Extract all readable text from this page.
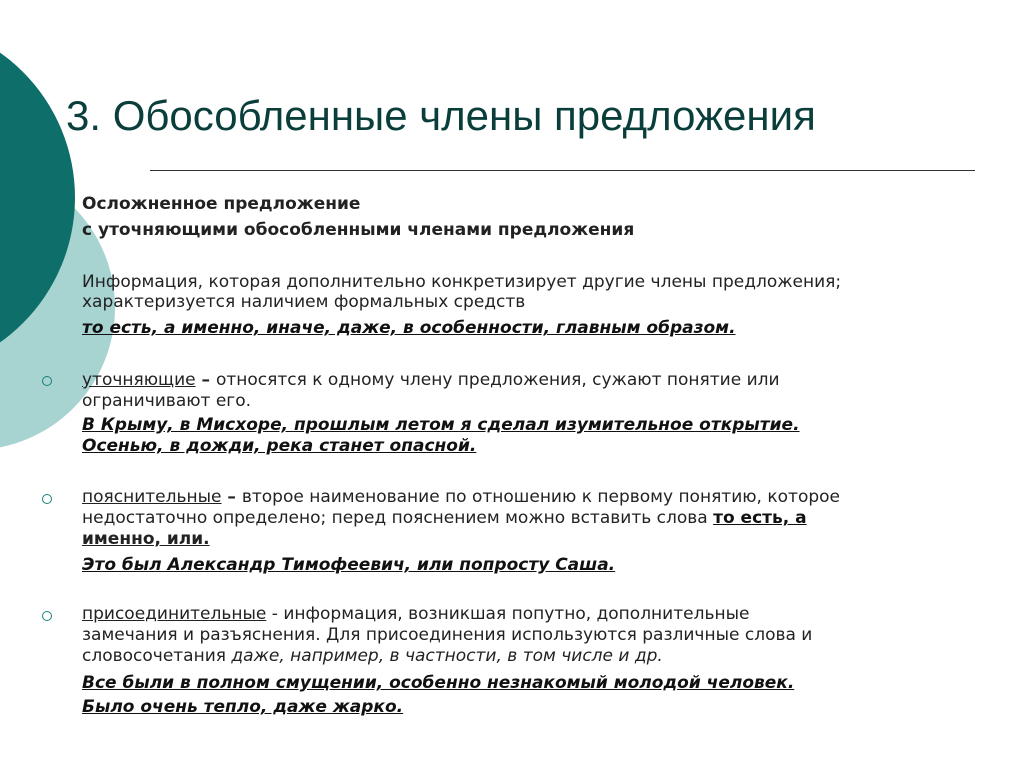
3. Обособленные члены предложения

Осложненное предложение

с уточняющими обособленными членами предложения

Информация, которая дополнительно конкретизирует другие члены предложения;

характеризуется наличием формальных средств

то есть, а именно, иначе, даже, в особенности, главным образом.

уточняющие – относятся к одному члену предложения, сужают понятие или

ограничивают его.

В Крыму, в Мисхоре, прошлым летом я сделал изумительное открытие.

Осенью, в дожди, река станет опасной.

пояснительные – второе наименование по отношению к первому понятию, которое

недостаточно определено; перед пояснением можно вставить слова то есть, а

именно, или.

Это был Александр Тимофеевич, или попросту Саша.

присоединительные - информация, возникшая попутно, дополнительные

замечания и разъяснения. Для присоединения используются различные слова и

словосочетания даже, например, в частности, в том числе и др.

Все были в полном смущении, особенно незнакомый молодой человек.

Было очень тепло, даже жарко.
